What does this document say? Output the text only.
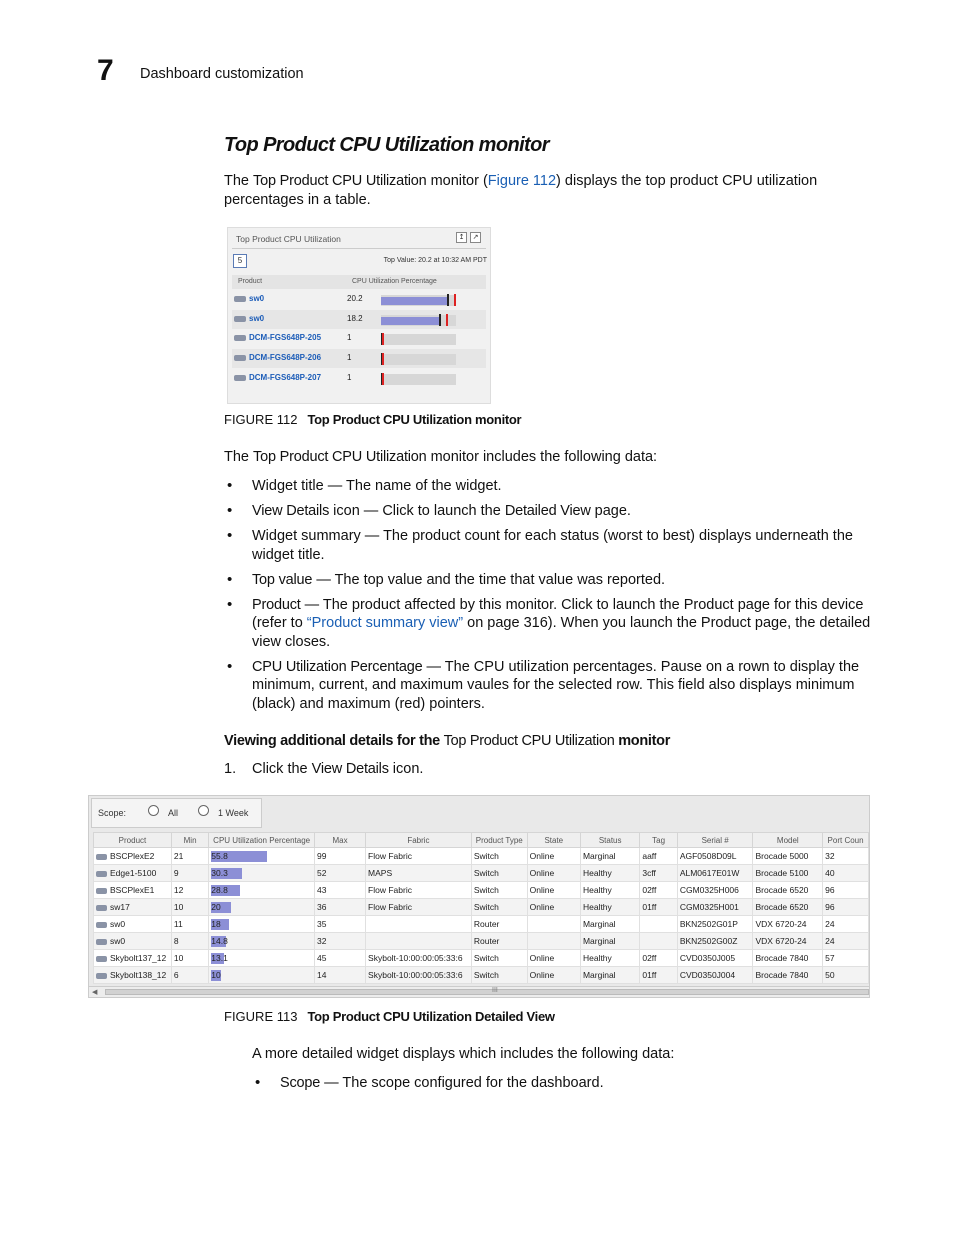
7 Dashboard customization
Top Product CPU Utilization monitor

The Top Product CPU Utilization monitor (Figure 112) displays the top product CPU utilization percentages in a table.

Top Product CPU Utilization	↥	↗
5	Top Value: 20.2 at 10:32 AM PDT
Product	CPU Utilization Percentage
sw0	20.2
sw0	18.2
DCM-FGS648P-205	1
DCM-FGS648P-206	1
DCM-FGS648P-207	1
FIGURE 112 Top Product CPU Utilization monitor

The Top Product CPU Utilization monitor includes the following data:

• Widget title — The name of the widget.
• View Details icon — Click to launch the Detailed View page.
• Widget summary — The product count for each status (worst to best) displays underneath the widget title.
• Top value — The top value and the time that value was reported.
• Product — The product affected by this monitor. Click to launch the Product page for this device (refer to “Product summary view” on page 316). When you launch the Product page, the detailed view closes.
• CPU Utilization Percentage — The CPU utilization percentages. Pause on a rown to display the minimum, current, and maximum vaules for the selected row. This field also displays minimum (black) and maximum (red) pointers.
Viewing additional details for the Top Product CPU Utilization monitor
1. Click the View Details icon.
Scope:	All	1 Week
Product	Min	CPU Utilization Percentage	Max	Fabric	Product Type	State	Status	Tag	Serial #	Model	Port Coun
BSCPlexE2	21	55.8	99	Flow Fabric	Switch	Online	Marginal	aaff	AGF0508D09L	Brocade 5000	32
Edge1-5100	9	30.3	52	MAPS	Switch	Online	Healthy	3cff	ALM0617E01W	Brocade 5100	40
BSCPlexE1	12	28.8	43	Flow Fabric	Switch	Online	Healthy	02ff	CGM0325H006	Brocade 6520	96
sw17	10	20	36	Flow Fabric	Switch	Online	Healthy	01ff	CGM0325H001	Brocade 6520	96
sw0	11	18	35		Router		Marginal		BKN2502G01P	VDX 6720-24	24
sw0	8	14.8	32		Router		Marginal		BKN2502G00Z	VDX 6720-24	24
Skybolt137_12	10	13.1	45	Skybolt-10:00:00:05:33:6	Switch	Online	Healthy	02ff	CVD0350J005	Brocade 7840	57
Skybolt138_12	6	10	14	Skybolt-10:00:00:05:33:6	Switch	Online	Marginal	01ff	CVD0350J004	Brocade 7840	50
◀	III
FIGURE 113 Top Product CPU Utilization Detailed View

A more detailed widget displays which includes the following data:

• Scope — The scope configured for the dashboard.
